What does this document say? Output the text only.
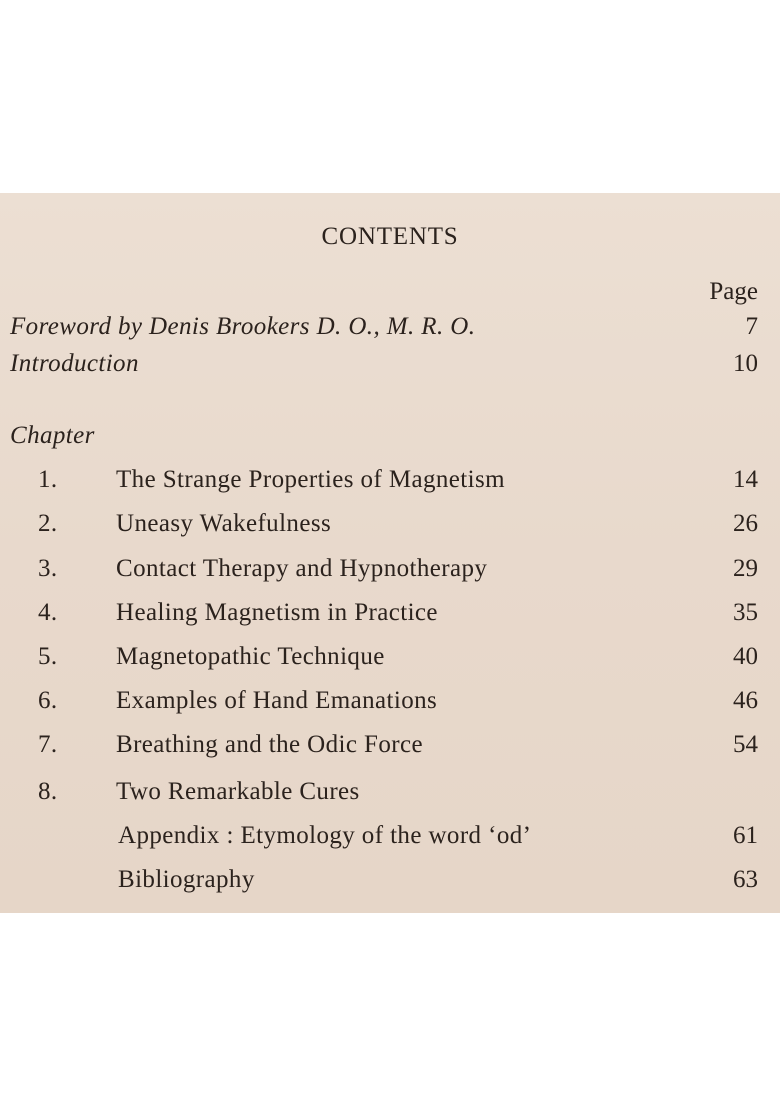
CONTENTS
Page
Foreword by Denis Brookers D. O., M. R. O.	7
Introduction	10
Chapter
1. The Strange Properties of Magnetism	14
2. Uneasy Wakefulness	26
3. Contact Therapy and Hypnotherapy	29
4. Healing Magnetism in Practice	35
5. Magnetopathic Technique	40
6. Examples of Hand Emanations	46
7. Breathing and the Odic Force	54
8. Two Remarkable Cures
Appendix : Etymology of the word ‘od’	61
Bibliography	63
